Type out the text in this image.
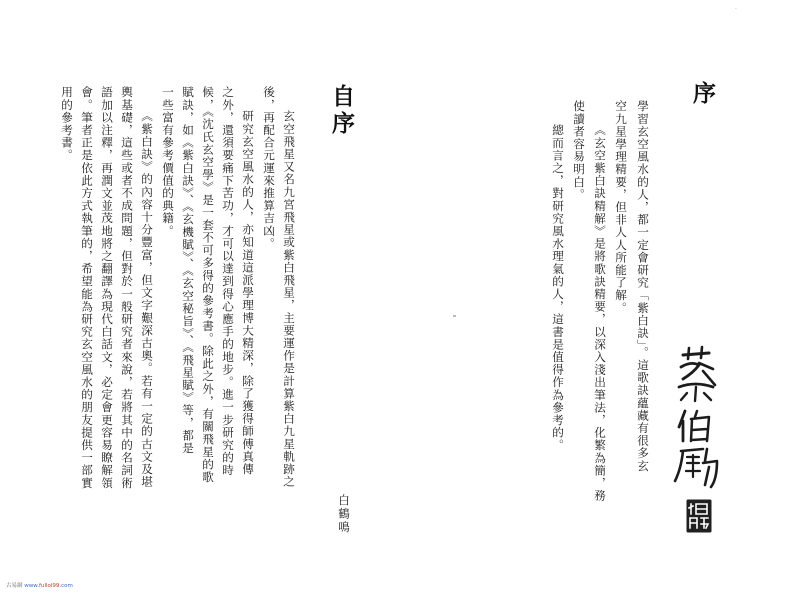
自序
玄空飛星又名九宮飛星或紫白飛星，主要運作是計算紫白九星軌跡之
後，再配合元運來推算吉凶。
研究玄空風水的人，亦知道這派學理博大精深，除了獲得師傅真傳
之外，還須要痛下苦功，才可以達到得心應手的地步。進一步研究的時
候，《沈氏玄空學》是一套不可多得的參考書。除此之外，有關飛星的歌
賦訣，如《紫白訣》、《玄機賦》、《玄空秘旨》、《飛星賦》等，都是
一些富有參考價值的典籍。
《紫白訣》的內容十分豐富，但文字艱深古奧。若有一定的古文及堪
輿基礎，這些或者不成問題，但對於一般研究者來說，若將其中的名詞術
語加以注釋，再潤文並茂地將之翻譯為現代白話文，必定會更容易瞭解領
會。筆者正是依此方式執筆的，希望能為研究玄空風水的朋友提供一部實
用的參考書。
白鶴鳴
序
學習玄空風水的人，都一定會研究「紫白訣」。這歌訣蘊藏有很多玄
空九星學理精要，但非人人所能了解。
《玄空紫白訣精解》是將歌訣精要，以深入淺出筆法，化繁為簡，務
使讀者容易明白。
總而言之，對研究風水理氣的人，這書是值得作為參考的。
·
古易網 www.fullol99.com
